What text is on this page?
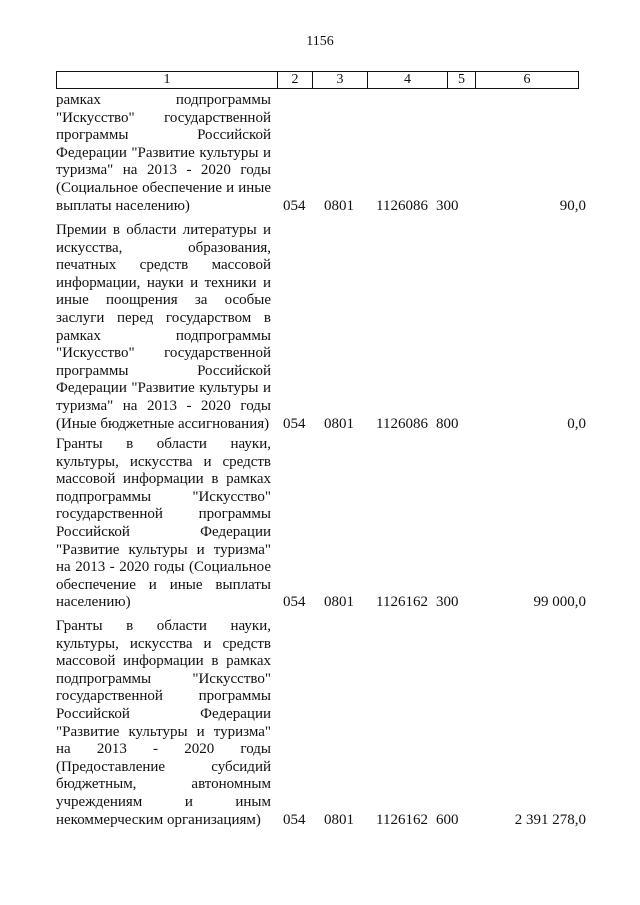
1156
1	2	3	4	5	6
рамках подпрограммы
"Искусство" государственной
программы Российской
Федерации "Развитие культуры и
туризма" на 2013 - 2020 годы
(Социальное обеспечение и иные
выплаты населению)	054 0801 1126086 300	90,0
Премии в области литературы и
искусства, образования,
печатных средств массовой
информации, науки и техники и
иные поощрения за особые
заслуги перед государством в
рамках подпрограммы
"Искусство" государственной
программы Российской
Федерации "Развитие культуры и
туризма" на 2013 - 2020 годы
(Иные бюджетные ассигнования) 054 0801 1126086 800	0,0
Гранты в области науки,
культуры, искусства и средств
массовой информации в рамках
подпрограммы "Искусство"
государственной программы
Российской Федерации
"Развитие культуры и туризма"
на 2013 - 2020 годы (Социальное
обеспечение и иные выплаты
населению)	054 0801 1126162 300	99 000,0
Гранты в области науки,
культуры, искусства и средств
массовой информации в рамках
подпрограммы "Искусство"
государственной программы
Российской Федерации
"Развитие культуры и туризма"
на 2013 - 2020 годы
(Предоставление субсидий
бюджетным, автономным
учреждениям и иным
некоммерческим организациям)	054 0801 1126162 600	2 391 278,0
